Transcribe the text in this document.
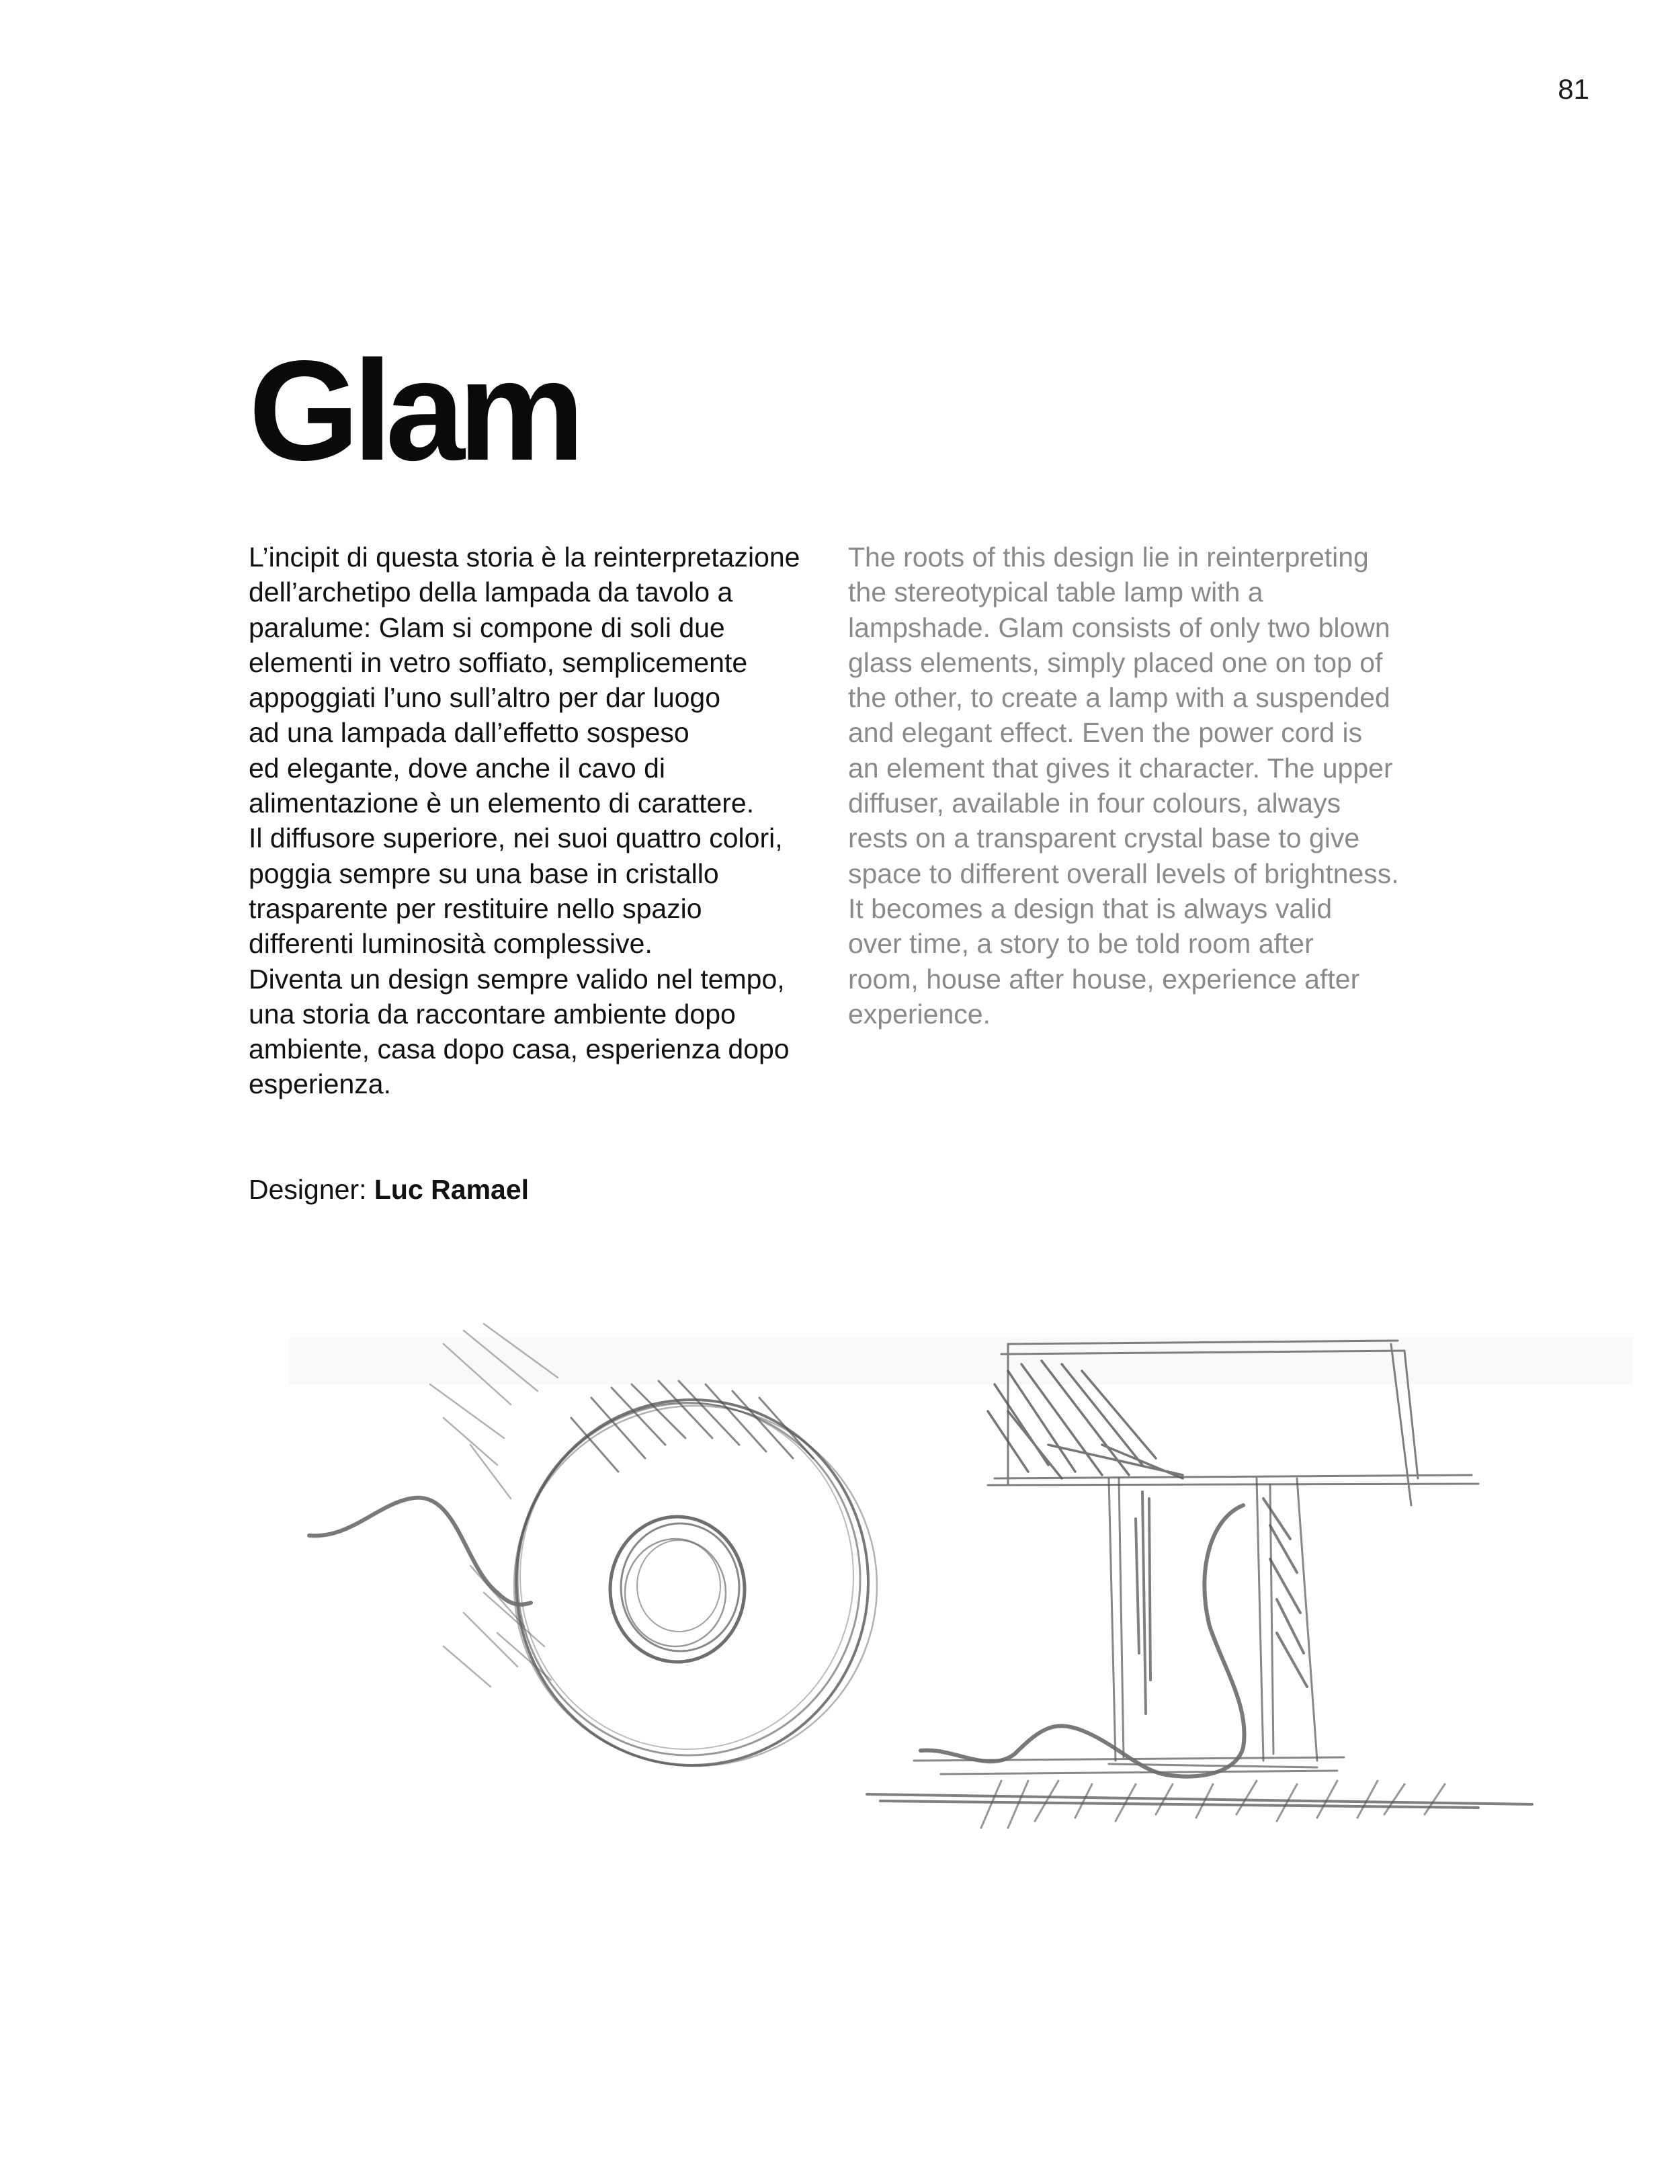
81
Glam
L’incipit di questa storia è la reinterpretazione
dell’archetipo della lampada da tavolo a
paralume: Glam si compone di soli due
elementi in vetro soffiato, semplicemente
appoggiati l’uno sull’altro per dar luogo
ad una lampada dall’effetto sospeso
ed elegante, dove anche il cavo di
alimentazione è un elemento di carattere.
Il diffusore superiore, nei suoi quattro colori,
poggia sempre su una base in cristallo
trasparente per restituire nello spazio
differenti luminosità complessive.
Diventa un design sempre valido nel tempo,
una storia da raccontare ambiente dopo
ambiente, casa dopo casa, esperienza dopo
esperienza.
The roots of this design lie in reinterpreting
the stereotypical table lamp with a
lampshade. Glam consists of only two blown
glass elements, simply placed one on top of
the other, to create a lamp with a suspended
and elegant effect. Even the power cord is
an element that gives it character. The upper
diffuser, available in four colours, always
rests on a transparent crystal base to give
space to different overall levels of brightness.
It becomes a design that is always valid
over time, a story to be told room after
room, house after house, experience after
experience.
Designer: Luc Ramael
